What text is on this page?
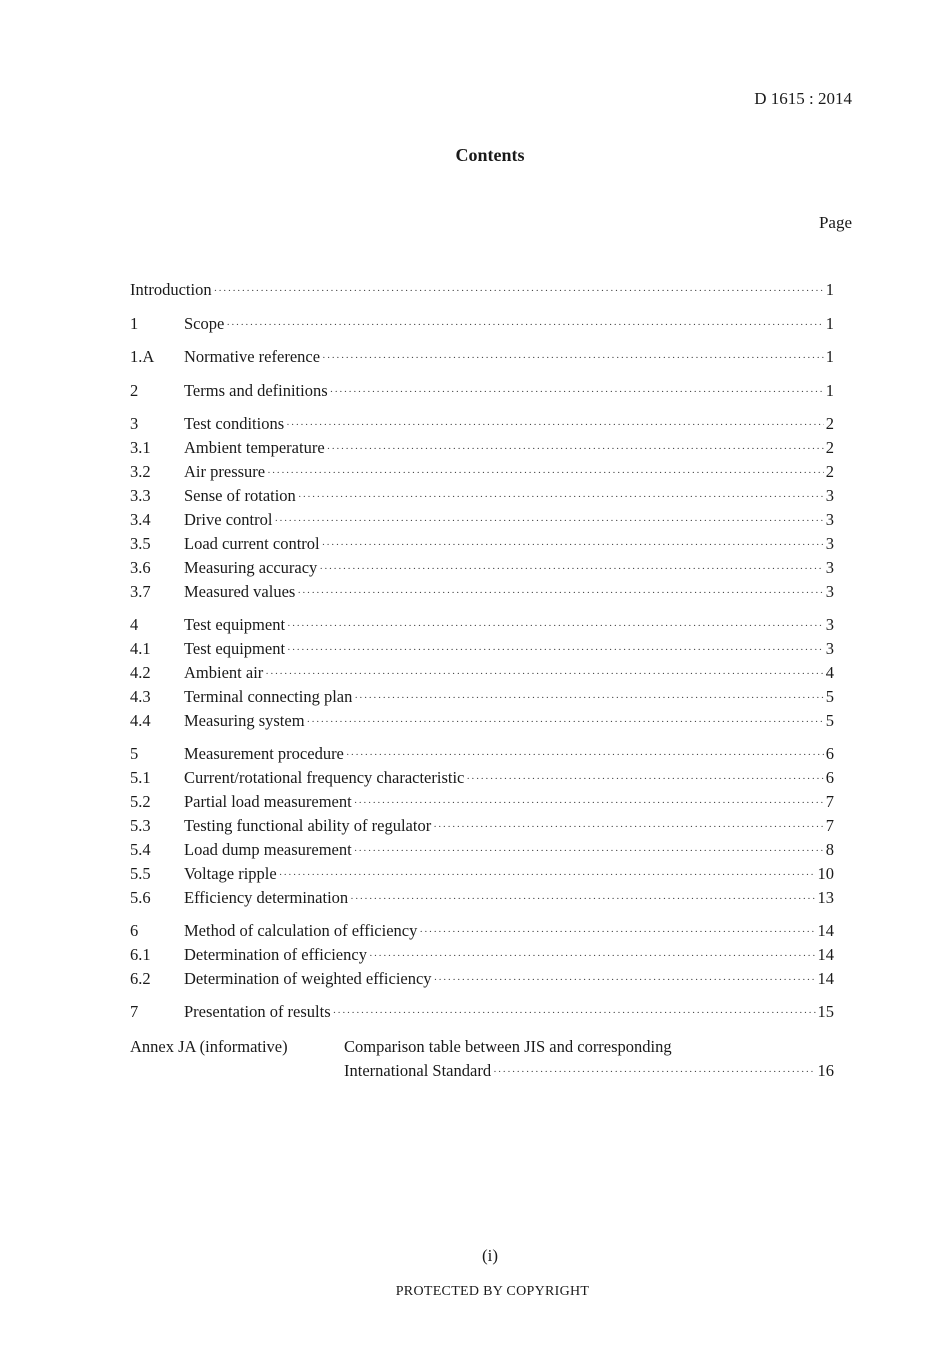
D 1615 : 2014
Contents
Page
Introduction ·····	1
1	Scope ·····	1
1.A	Normative reference ·····	1
2	Terms and definitions ·····	1
3	Test conditions ·····	2
3.1	Ambient temperature ·····	2
3.2	Air pressure ·····	2
3.3	Sense of rotation ·····	3
3.4	Drive control ·····	3
3.5	Load current control ·····	3
3.6	Measuring accuracy ·····	3
3.7	Measured values ·····	3
4	Test equipment ·····	3
4.1	Test equipment ·····	3
4.2	Ambient air ·····	4
4.3	Terminal connecting plan ·····	5
4.4	Measuring system ·····	5
5	Measurement procedure ·····	6
5.1	Current/rotational frequency characteristic ·····	6
5.2	Partial load measurement ·····	7
5.3	Testing functional ability of regulator ·····	7
5.4	Load dump measurement ·····	8
5.5	Voltage ripple ·····	10
5.6	Efficiency determination ·····	13
6	Method of calculation of efficiency ·····	14
6.1	Determination of efficiency ·····	14
6.2	Determination of weighted efficiency ·····	14
7	Presentation of results ·····	15
Annex JA (informative)	Comparison table between JIS and corresponding
International Standard ·····	16
(i)
PROTECTED BY COPYRIGHT
